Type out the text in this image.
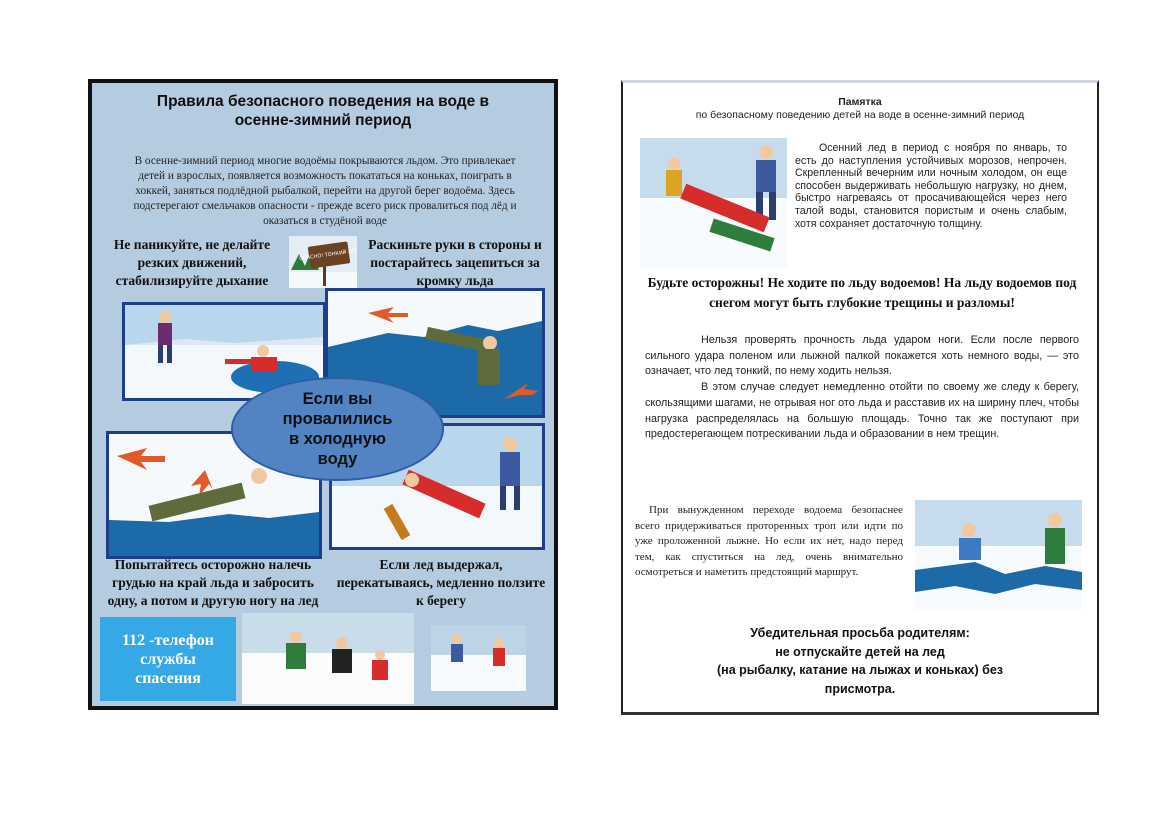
Правила безопасного поведения на воде в
осенне-зимний период
В осенне-зимний период многие водоёмы покрываются льдом. Это привлекает детей и взрослых, появляется возможность покататься на коньках, поиграть в хоккей, заняться подлёдной рыбалкой, перейти на другой берег водоёма. Здесь подстерегают смельчаков опасности - прежде всего риск провалиться под лёд и оказаться в студёной воде
Не паникуйте, не делайте резких движений, стабилизируйте дыхание
ОПАСНО! ТОНКИЙ ЛЁД
Раскиньте руки в стороны и постарайтесь зацепиться за кромку льда
Если вы провалились в холодную воду
Попытайтесь осторожно налечь грудью на край льда и забросить одну, а потом и другую ногу на лед
Если лед выдержал, перекатываясь, медленно ползите к берегу
112 -телефон службы спасения
Памятка
по безопасному поведению детей на воде в осенне-зимний период
Осенний лед в период с ноября по январь, то есть до наступления устойчивых морозов, непрочен. Скрепленный вечерним или ночным холодом, он еще способен выдерживать небольшую нагрузку, но днем, быстро нагреваясь от просачивающейся через него талой воды, становится пористым и очень слабым, хотя сохраняет достаточную толщину.
Будьте осторожны! Не ходите по льду водоемов! На льду водоемов под снегом могут быть глубокие трещины и разломы!
Нельзя проверять прочность льда ударом ноги. Если после первого сильного удара поленом или лыжной палкой покажется хоть немного воды, — это означает, что лед тонкий, по нему ходить нельзя.
В этом случае следует немедленно отойти по своему же следу к берегу, скользящими шагами, не отрывая ног ото льда и расставив их на ширину плеч, чтобы нагрузка распределялась на большую площадь. Точно так же поступают при предостерегающем потрескивании льда и образовании в нем трещин.
При вынужденном переходе водоема безопаснее всего придерживаться проторенных троп или идти по уже проложенной лыжне. Но если их нет, надо перед тем, как спуститься на лед, очень внимательно осмотреться и наметить предстоящий маршрут.
Убедительная просьба родителям:
не отпускайте детей на лед
(на рыбалку, катание на лыжах и коньках) без
присмотра.
